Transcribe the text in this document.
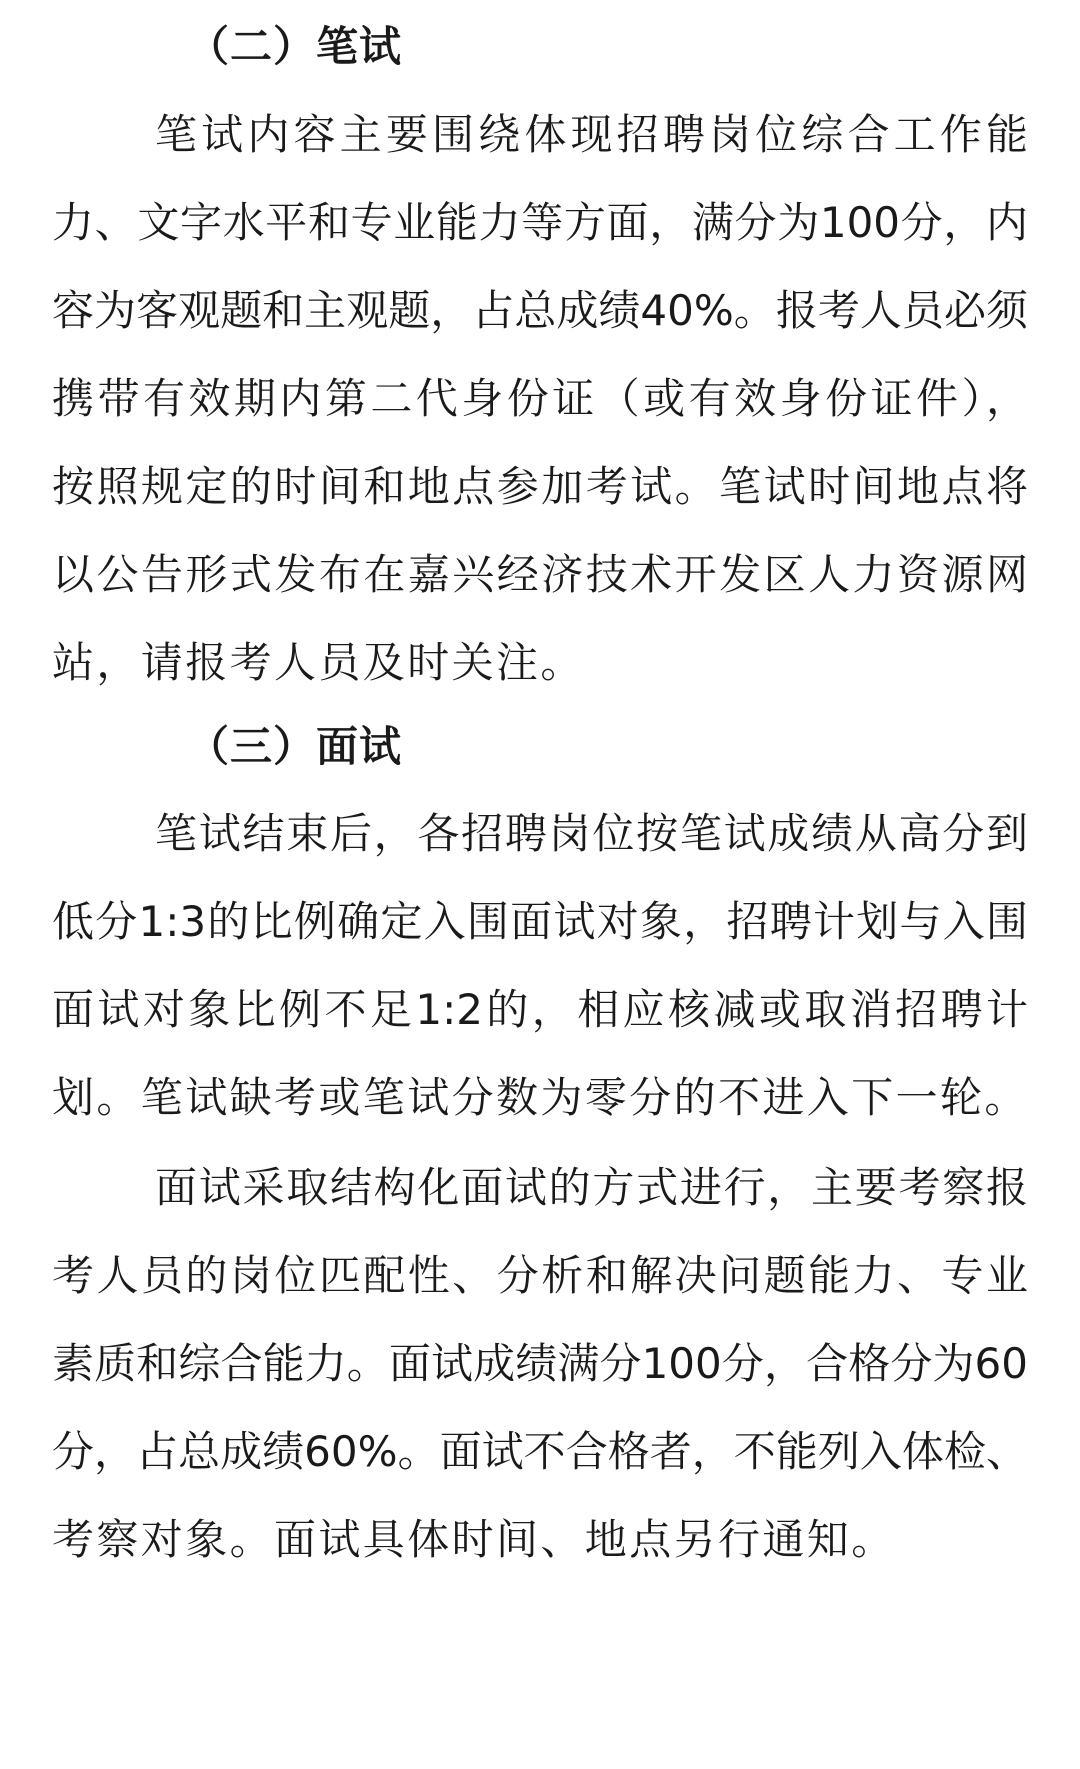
（二）笔试
笔试内容主要围绕体现招聘岗位综合工作能
力、文字水平和专业能力等方面，满分为100分，内
容为客观题和主观题，占总成绩40%。报考人员必须
携带有效期内第二代身份证（或有效身份证件），
按照规定的时间和地点参加考试。笔试时间地点将
以公告形式发布在嘉兴经济技术开发区人力资源网
站，请报考人员及时关注。
（三）面试
笔试结束后，各招聘岗位按笔试成绩从高分到
低分1:3的比例确定入围面试对象，招聘计划与入围
面试对象比例不足1:2的，相应核减或取消招聘计
划。笔试缺考或笔试分数为零分的不进入下一轮。
面试采取结构化面试的方式进行，主要考察报
考人员的岗位匹配性、分析和解决问题能力、专业
素质和综合能力。面试成绩满分100分，合格分为60
分，占总成绩60%。面试不合格者，不能列入体检、
考察对象。面试具体时间、地点另行通知。
